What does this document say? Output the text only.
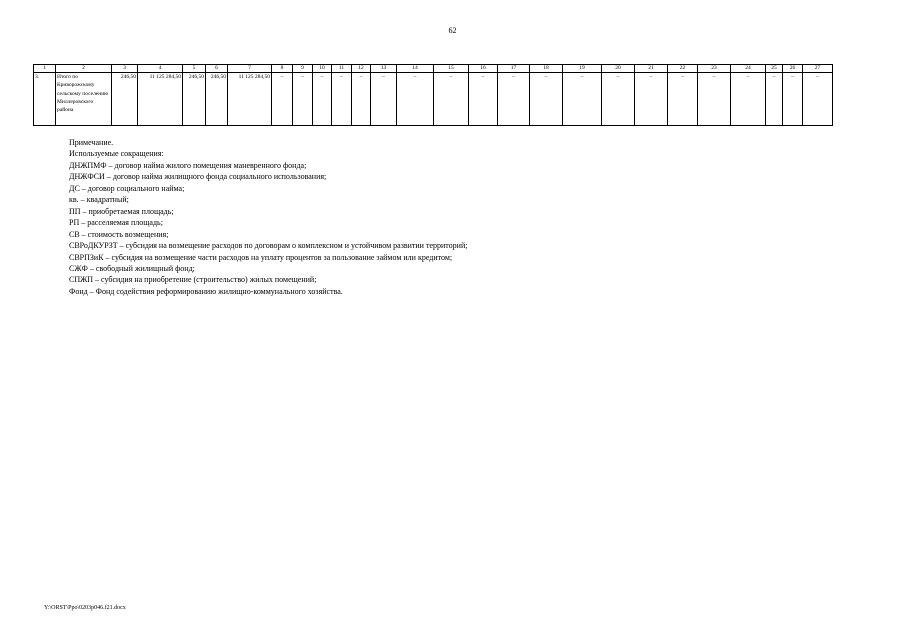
62
1	2	3	4	5	6	7	8	9	10	11	12	13	14	15	16	17	18	19	20	21	22	23	24	25	26	27
3.	Итого по Криворожскому сельскому поселению Миллеровского района	246,50	11 125 284,50	246,50	246,50	11 125 284,50	–	–	–	–	–	–	–	–	–	–	–	–	–	–	–	–	–	–	–	–
Примечание.
Используемые сокращения:
ДНЖПМФ – договор найма жилого помещения маневренного фонда;
ДНЖФСИ – договор найма жилищного фонда социального использования;
ДС – договор социального найма;
кв. – квадратный;
ПП – приобретаемая площадь;
РП – расселяемая площадь;
СВ – стоимость возмещения;
СВРоДКУРЗТ – субсидия на возмещение расходов по договорам о комплексном и устойчивом развитии территорий;
СВРПЗиК – субсидия на возмещение части расходов на уплату процентов за пользование займом или кредитом;
СЖФ – свободный жилищный фонд;
СПЖП – субсидия на приобретение (строительство) жилых помещений;
Фонд – Фонд содействия реформированию жилищно-коммунального хозяйства.
Y:\ORST\Ppo\0203p046.f21.docx
